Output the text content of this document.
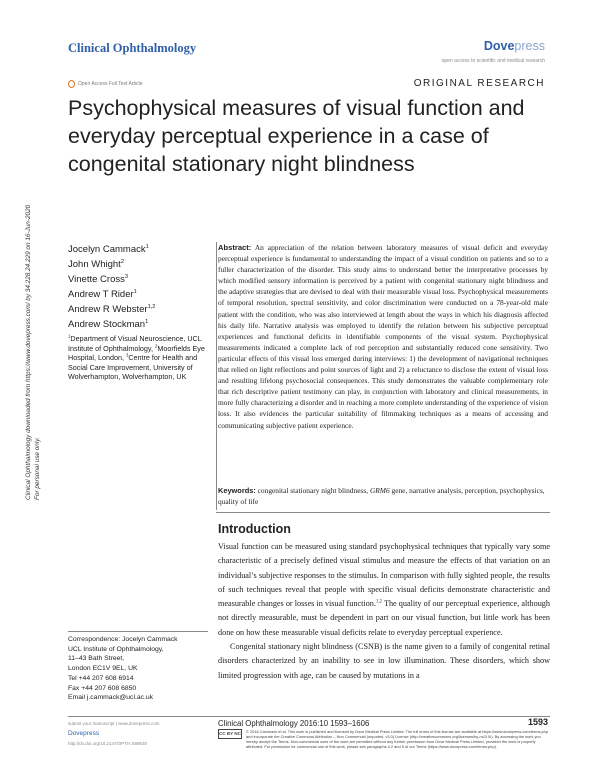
Clinical Ophthalmology	Dovepress
open access to scientific and medical research
Open Access Full Text Article	ORIGINAL RESEARCH
Psychophysical measures of visual function and everyday perceptual experience in a case of congenital stationary night blindness
Clinical Ophthalmology downloaded from https://www.dovepress.com/ by 34.228.24.229 on 16-Jun-2020 For personal use only.
Jocelyn Cammack$^1$
John Whight$^2$
Vinette Cross$^3$
Andrew T Rider$^1$
Andrew R Webster$^{1,2}$
Andrew Stockman$^1$
$^1$Department of Visual Neuroscience, UCL Institute of Ophthalmology, $^2$Moorfields Eye Hospital, London, $^3$Centre for Health and Social Care Improvement, University of Wolverhampton, Wolverhampton, UK
Abstract: An appreciation of the relation between laboratory measures of visual deficit and everyday perceptual experience is fundamental to understanding the impact of a visual condition on patients and so to a fuller characterization of the disorder. This study aims to understand better the interpretative processes by which modified sensory information is perceived by a patient with congenital stationary night blindness and the adaptive strategies that are devised to deal with their measurable visual loss. Psychophysical measurements of temporal resolution, spectral sensitivity, and color discrimination were conducted on a 78-year-old male patient with the condition, who was also interviewed at length about the ways in which his diagnosis affected his daily life. Narrative analysis was employed to identify the relation between his subjective perceptual experiences and functional deficits in identifiable components of the visual system. Psychophysical measurements indicated a complete lack of rod perception and substantially reduced cone sensitivity. Two particular effects of this visual loss emerged during interviews: 1) the development of navigational techniques that relied on light reflections and point sources of light and 2) a reluctance to disclose the extent of visual loss and resulting lifelong psychosocial consequences. This study demonstrates the valuable complementary role that rich descriptive patient testimony can play, in conjunction with laboratory and clinical measurements, in more fully characterizing a disorder and in reaching a more complete understanding of the experience of vision loss. It also evidences the particular suitability of filmmaking techniques as a means of accessing and communicating subjective patient experience.
Keywords: congenital stationary night blindness, GRM6 gene, narrative analysis, perception, psychophysics, quality of life
Introduction

Visual function can be measured using standard psychophysical techniques that typically vary some characteristic of a precisely defined visual stimulus and measure the effects of that variation on an individual’s subjective responses to the stimulus. In comparison with fully sighted people, the results of such techniques reveal that people with specific visual deficits demonstrate characteristic and measurable changes or losses in visual function.$^{1,2}$ The quality of our perceptual experience, although not directly measurable, must be dependent in part on our visual function, but little work has been done on how these measurable visual deficits relate to everyday perceptual experience.

Congenital stationary night blindness (CSNB) is the name given to a family of congenital retinal disorders characterized by an inability to see in low illumination. These disorders, which show limited progression with age, can be caused by mutations in a

Correspondence: Jocelyn Cammack
UCL Institute of Ophthalmology,
11–43 Bath Street,
London EC1V 9EL, UK
Tel +44 207 608 6914
Fax +44 207 608 6850
Email j.cammack@ucl.ac.uk
submit your manuscript | www.dovepress.com
Dovepress
http://dx.doi.org/10.2147/OPTH.S89530
Clinical Ophthalmology 2016:10 1593–1606	1593
CC BY NC	© 2016 Cammack et al. This work is published and licensed by Dove Medical Press Limited. The full terms of this license are available at https://www.dovepress.com/terms.php and incorporate the Creative Commons Attribution – Non Commercial (unported, v3.0) License (http://creativecommons.org/licenses/by-nc/3.0/). By accessing the work you hereby accept the Terms. Non-commercial uses of the work are permitted without any further permission from Dove Medical Press Limited, provided the work is properly attributed. For permission for commercial use of this work, please see paragraphs 4.2 and 5 of our Terms (https://www.dovepress.com/terms.php).
